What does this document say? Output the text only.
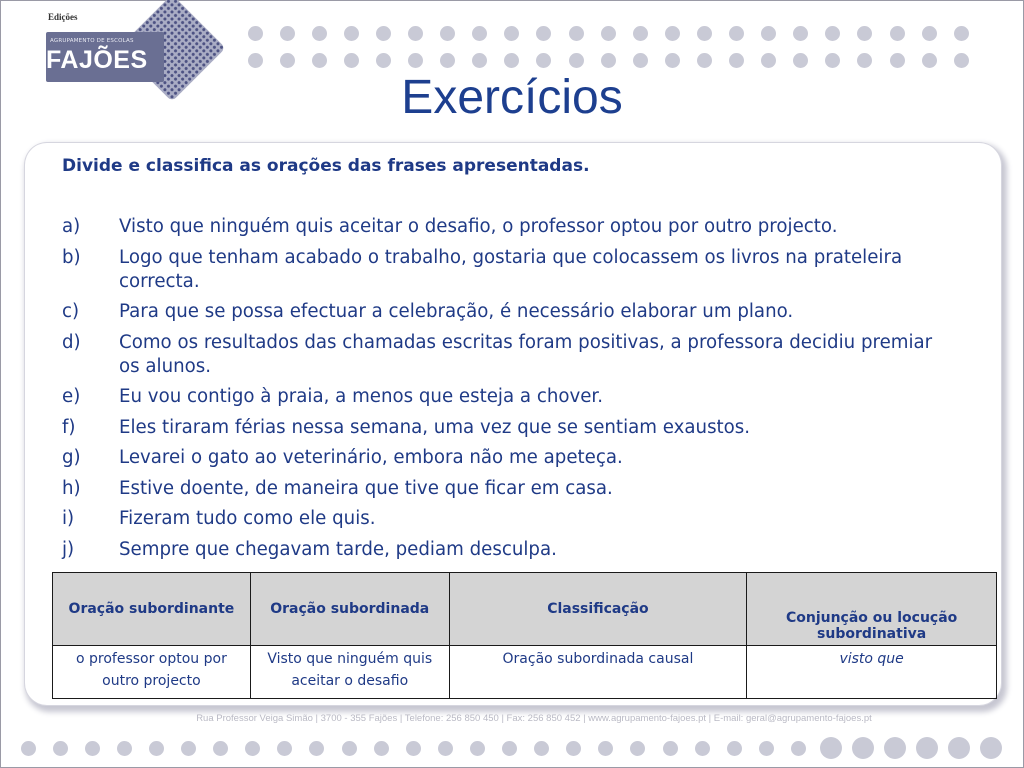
Edições
AGRUPAMENTO DE ESCOLAS
FAJÕES
Exercícios
Divide e classifica as orações das frases apresentadas.
a) Visto que ninguém quis aceitar o desafio, o professor optou por outro projecto.
b) Logo que tenham acabado o trabalho, gostaria que colocassem os livros na prateleira correcta.
c) Para que se possa efectuar a celebração, é necessário elaborar um plano.
d) Como os resultados das chamadas escritas foram positivas, a professora decidiu premiar os alunos.
e) Eu vou contigo à praia, a menos que esteja a chover.
f) Eles tiraram férias nessa semana, uma vez que se sentiam exaustos.
g) Levarei o gato ao veterinário, embora não me apeteça.
h) Estive doente, de maneira que tive que ficar em casa.
i) Fizeram tudo como ele quis.
j) Sempre que chegavam tarde, pediam desculpa.
Oração subordinante	Oração subordinada	Classificação	Conjunção ou locução subordinativa
o professor optou por outro projecto	Visto que ninguém quis aceitar o desafio	Oração subordinada causal	visto que
Rua Professor Veiga Simão | 3700 - 355 Fajões | Telefone: 256 850 450 | Fax: 256 850 452 | www.agrupamento-fajoes.pt | E-mail: geral@agrupamento-fajoes.pt
